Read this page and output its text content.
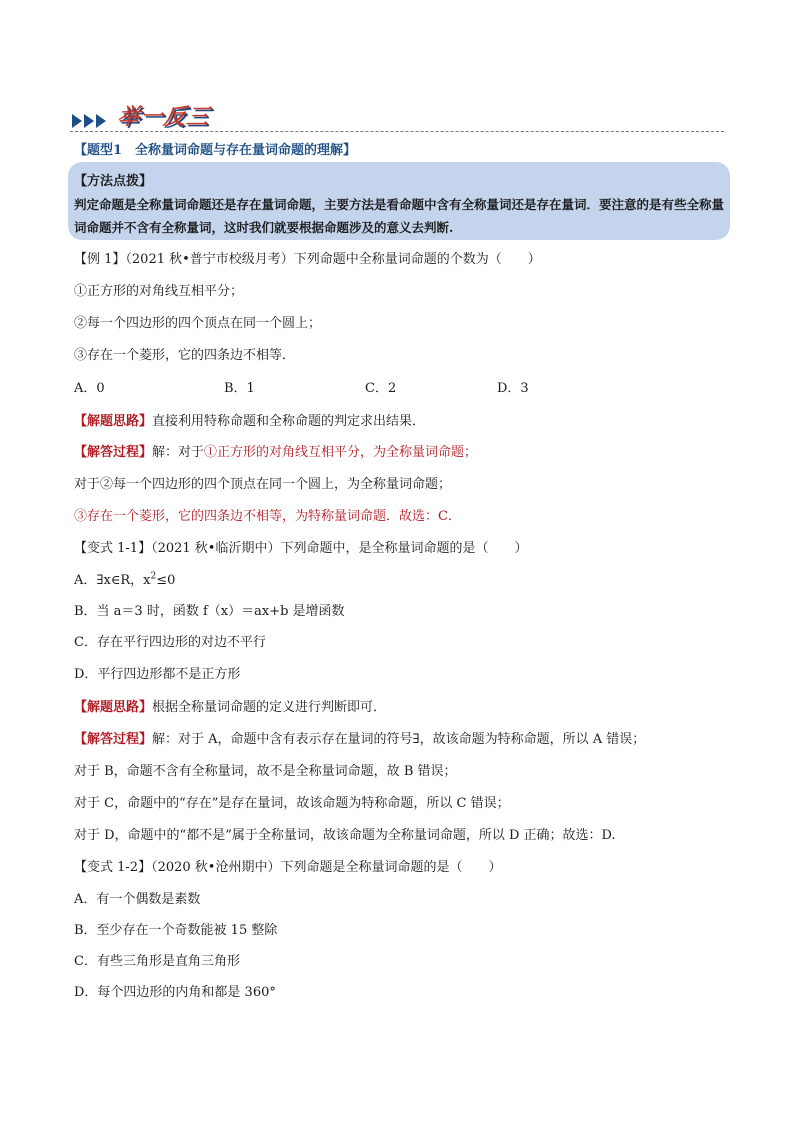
举一反三
【题型1　全称量词命题与存在量词命题的理解】
【方法点拨】
判定命题是全称量词命题还是存在量词命题，主要方法是看命题中含有全称量词还是存在量词．要注意的是有些全称量词命题并不含有全称量词，这时我们就要根据命题涉及的意义去判断.
【例 1】（2021 秋•普宁市校级月考）下列命题中全称量词命题的个数为（　　）
①正方形的对角线互相平分；
②每一个四边形的四个顶点在同一个圆上；
③存在一个菱形，它的四条边不相等．
A．0	B．1	C．2	D．3
【解题思路】直接利用特称命题和全称命题的判定求出结果．
【解答过程】解：对于①正方形的对角线互相平分，为全称量词命题；
对于②每一个四边形的四个顶点在同一个圆上，为全称量词命题；
③存在一个菱形，它的四条边不相等，为特称量词命题．故选：C．
【变式 1-1】（2021 秋•临沂期中）下列命题中，是全称量词命题的是（　　）
A．∃x∈R，$x^2\le 0$
B．当 a＝3 时，函数 f（x）＝ax+b 是增函数
C．存在平行四边形的对边不平行
D．平行四边形都不是正方形
【解题思路】根据全称量词命题的定义进行判断即可．
【解答过程】解：对于 A，命题中含有表示存在量词的符号∃，故该命题为特称命题，所以 A 错误；
对于 B，命题不含有全称量词，故不是全称量词命题，故 B 错误；
对于 C，命题中的“存在”是存在量词，故该命题为特称命题，所以 C 错误；
对于 D，命题中的“都不是”属于全称量词，故该命题为全称量词命题，所以 D 正确；故选：D.
【变式 1-2】（2020 秋•沧州期中）下列命题是全称量词命题的是（　　）
A．有一个偶数是素数
B．至少存在一个奇数能被 15 整除
C．有些三角形是直角三角形
D．每个四边形的内角和都是 360°
